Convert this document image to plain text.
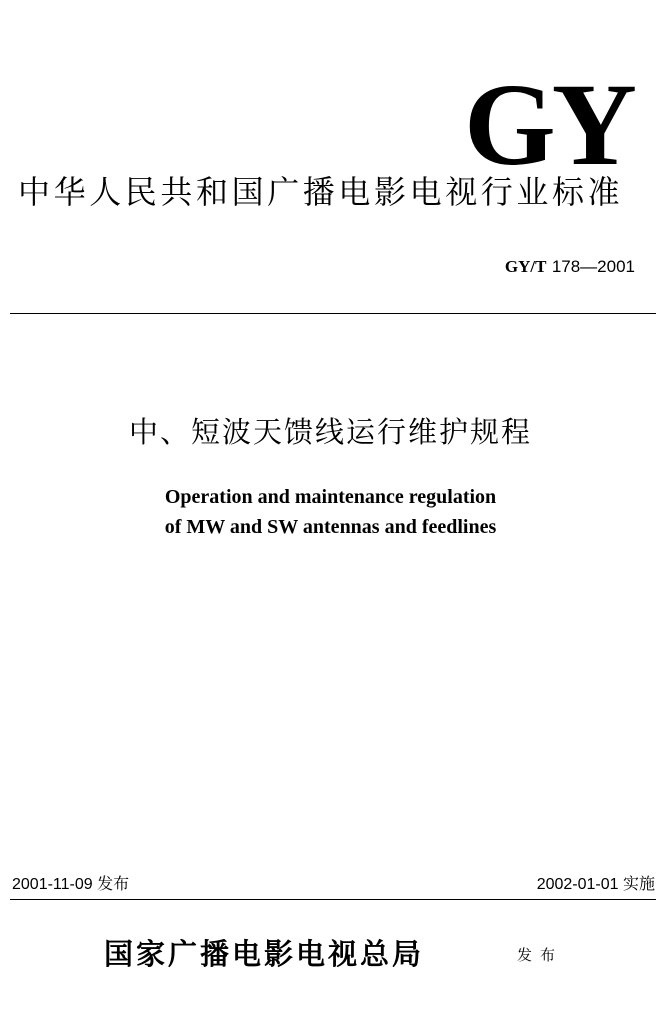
GY
中华人民共和国广播电影电视行业标准
GY/T 178—2001
中、短波天馈线运行维护规程
Operation and maintenance regulation
of MW and SW antennas and feedlines
2001-11-09 发布	2002-01-01 实施
国家广播电影电视总局	发布
